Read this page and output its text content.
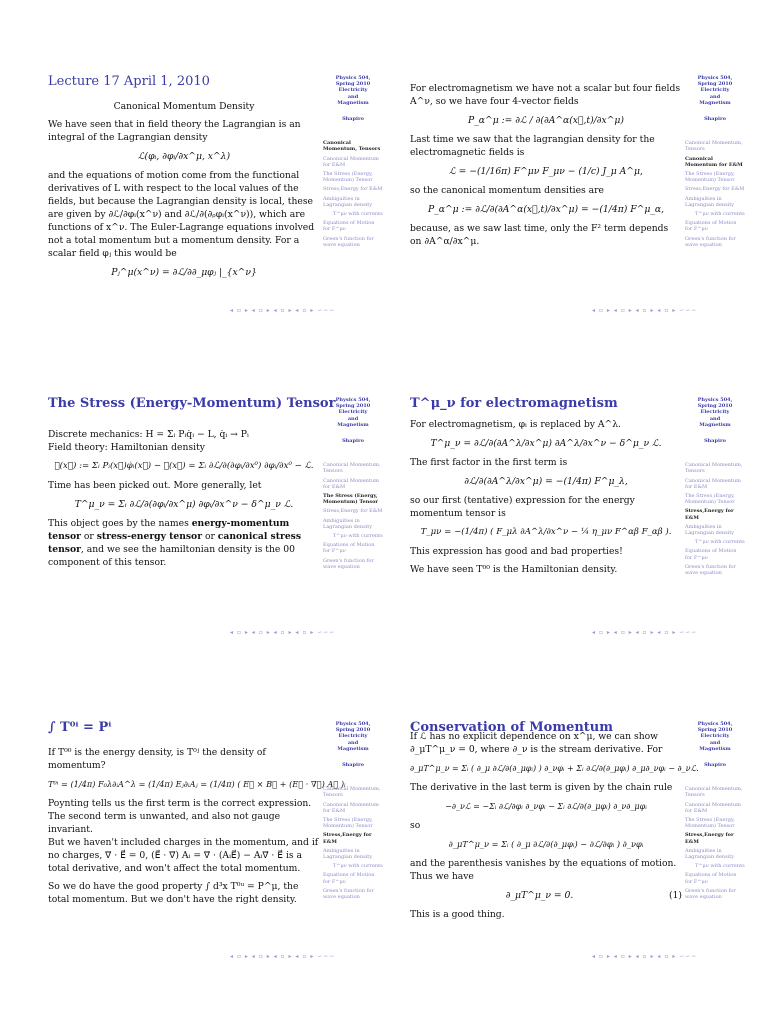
Lecture 17 April 1, 2010

Canonical Momentum Density

We have seen that in field theory the Lagrangian is an integral of the Lagrangian density

ℒ(φᵢ, ∂φᵢ/∂x^μ, x^λ)

and the equations of motion come from the functional derivatives of L with respect to the local values of the fields, but because the Lagrangian density is local, these are given by ∂ℒ/∂φᵢ(x^ν) and ∂ℒ/∂(∂ᵨφᵢ(x^ν)), which are functions of x^ν. The Euler-Lagrange equations involved not a total momentum but a momentum density. For a scalar field φⱼ this would be

Pⱼ^μ(x^ν) = ∂ℒ/∂∂_μφⱼ |_{x^ν}
Physics 504,
Spring 2010
Electricity
and
Magnetism
Shapiro
Canonical Momentum, Tensors
Canonical Momentum for E&M
The Stress (Energy, Momentum) Tensor
Stress,Energy for E&M
Ambiguities in Lagrangian density
T^μν with currents
Equations of Motion for F^μν
Green's function for wave equation
◂ ▫ ▸ ◂ ▫ ▸ ◂ ▫ ▸ ◂ ▫ ▸ ∽∽∽

For electromagnetism we have not a scalar but four fields A^ν, so we have four 4-vector fields

P_α^μ := ∂ℒ / ∂(∂A^α(x⃗,t)/∂x^μ)

Last time we saw that the lagrangian density for the electromagnetic fields is

ℒ = −(1/16π) F^μν F_μν − (1/c) J_μ A^μ,

so the canonical momentum densities are

P_α^μ := ∂ℒ/∂(∂A^α(x⃗,t)/∂x^μ) = −(1/4π) F^μ_α,

because, as we saw last time, only the F² term depends on ∂A^α/∂x^μ.

Physics 504,
Spring 2010
Electricity
and
Magnetism
Shapiro
Canonical Momentum, Tensors
Canonical Momentum for E&M
The Stress (Energy, Momentum) Tensor
Stress,Energy for E&M
Ambiguities in Lagrangian density
T^μν with currents
Equations of Motion for F^μν
Green's function for wave equation
◂ ▫ ▸ ◂ ▫ ▸ ◂ ▫ ▸ ◂ ▫ ▸ ∽∽∽
The Stress (Energy-Momentum) Tensor

Discrete mechanics: H = Σᵢ Pᵢq̇ᵢ − L, q̇ᵢ → Pᵢ

Field theory: Hamiltonian density

ℋ(x⃗) := Σᵢ Pᵢ(x⃗)φ̇ᵢ(x⃗) − ℒ(x⃗) = Σᵢ ∂ℒ/∂(∂φᵢ/∂x⁰) ∂φᵢ/∂x⁰ − ℒ.

Time has been picked out. More generally, let

T^μ_ν = Σᵢ ∂ℒ/∂(∂φᵢ/∂x^μ) ∂φᵢ/∂x^ν − δ^μ_ν ℒ.

This object goes by the names energy-momentum tensor or stress-energy tensor or canonical stress tensor, and we see the hamiltonian density is the 00 component of this tensor.

Physics 504,
Spring 2010
Electricity
and
Magnetism
Shapiro
Canonical Momentum, Tensors
Canonical Momentum for E&M
The Stress (Energy, Momentum) Tensor
Stress,Energy for E&M
Ambiguities in Lagrangian density
T^μν with currents
Equations of Motion for F^μν
Green's function for wave equation
◂ ▫ ▸ ◂ ▫ ▸ ◂ ▫ ▸ ◂ ▫ ▸ ∽∽∽
T^μ_ν for electromagnetism

For electromagnetism, φᵢ is replaced by A^λ.

T^μ_ν = ∂ℒ/∂(∂A^λ/∂x^μ) ∂A^λ/∂x^ν − δ^μ_ν ℒ.

The first factor in the first term is

∂ℒ/∂(∂A^λ/∂x^μ) = −(1/4π) F^μ_λ,

so our first (tentative) expression for the energy momentum tensor is

T_μν = −(1/4π) ( F_μλ ∂A^λ/∂x^ν − ¼ η_μν F^αβ F_αβ ).

This expression has good and bad properties!

We have seen T⁰⁰ is the Hamiltonian density.

Physics 504,
Spring 2010
Electricity
and
Magnetism
Shapiro
Canonical Momentum, Tensors
Canonical Momentum for E&M
The Stress (Energy, Momentum) Tensor
Stress,Energy for E&M
Ambiguities in Lagrangian density
T^μν with currents
Equations of Motion for F^μν
Green's function for wave equation
◂ ▫ ▸ ◂ ▫ ▸ ◂ ▫ ▸ ◂ ▫ ▸ ∽∽∽
∫ T⁰ⁱ = Pⁱ

If T⁰⁰ is the energy density, is T⁰ʲ the density of momentum?

T⁰ⁱ = (1/4π) F₀λ∂ᵢA^λ = (1/4π) Eⱼ∂ᵢAⱼ = (1/4π) ( E⃗ × B⃗ + (E⃗ · ∇⃗) A⃗ )ᵢ

Poynting tells us the first term is the correct expression. The second term is unwanted, and also not gauge invariant.

But we haven't included charges in the momentum, and if no charges, ∇⃗ · E⃗ = 0, (E⃗ · ∇⃗) Aᵢ = ∇⃗ · (AᵢE⃗) − Aᵢ∇⃗ · E⃗ is a total derivative, and won't affect the total momentum.

So we do have the good property ∫ d³x T⁰ᵘ = P^μ, the total momentum. But we don't have the right density.

Physics 504,
Spring 2010
Electricity
and
Magnetism
Shapiro
Canonical Momentum, Tensors
Canonical Momentum for E&M
The Stress (Energy, Momentum) Tensor
Stress,Energy for E&M
Ambiguities in Lagrangian density
T^μν with currents
Equations of Motion for F^μν
Green's function for wave equation
◂ ▫ ▸ ◂ ▫ ▸ ◂ ▫ ▸ ◂ ▫ ▸ ∽∽∽
Conservation of Momentum

If ℒ has no explicit dependence on x^μ, we can show ∂_μT^μ_ν = 0, where ∂_ν is the stream derivative. For

∂_μT^μ_ν = Σᵢ ( ∂_μ ∂ℒ/∂(∂_μφᵢ) ) ∂_νφᵢ + Σᵢ ∂ℒ/∂(∂_μφᵢ) ∂_μ∂_νφᵢ − ∂_νℒ.

The derivative in the last term is given by the chain rule

−∂_νℒ = −Σᵢ ∂ℒ/∂φᵢ ∂_νφᵢ − Σᵢ ∂ℒ/∂(∂_μφᵢ) ∂_ν∂_μφᵢ

so

∂_μT^μ_ν = Σᵢ ( ∂_μ ∂ℒ/∂(∂_μφᵢ) − ∂ℒ/∂φᵢ ) ∂_νφᵢ

and the parenthesis vanishes by the equations of motion. Thus we have

(1)
∂_μT^μ_ν = 0.

This is a good thing.

Physics 504,
Spring 2010
Electricity
and
Magnetism
Shapiro
Canonical Momentum, Tensors
Canonical Momentum for E&M
The Stress (Energy, Momentum) Tensor
Stress,Energy for E&M
Ambiguities in Lagrangian density
T^μν with currents
Equations of Motion for F^μν
Green's function for wave equation
◂ ▫ ▸ ◂ ▫ ▸ ◂ ▫ ▸ ◂ ▫ ▸ ∽∽∽
